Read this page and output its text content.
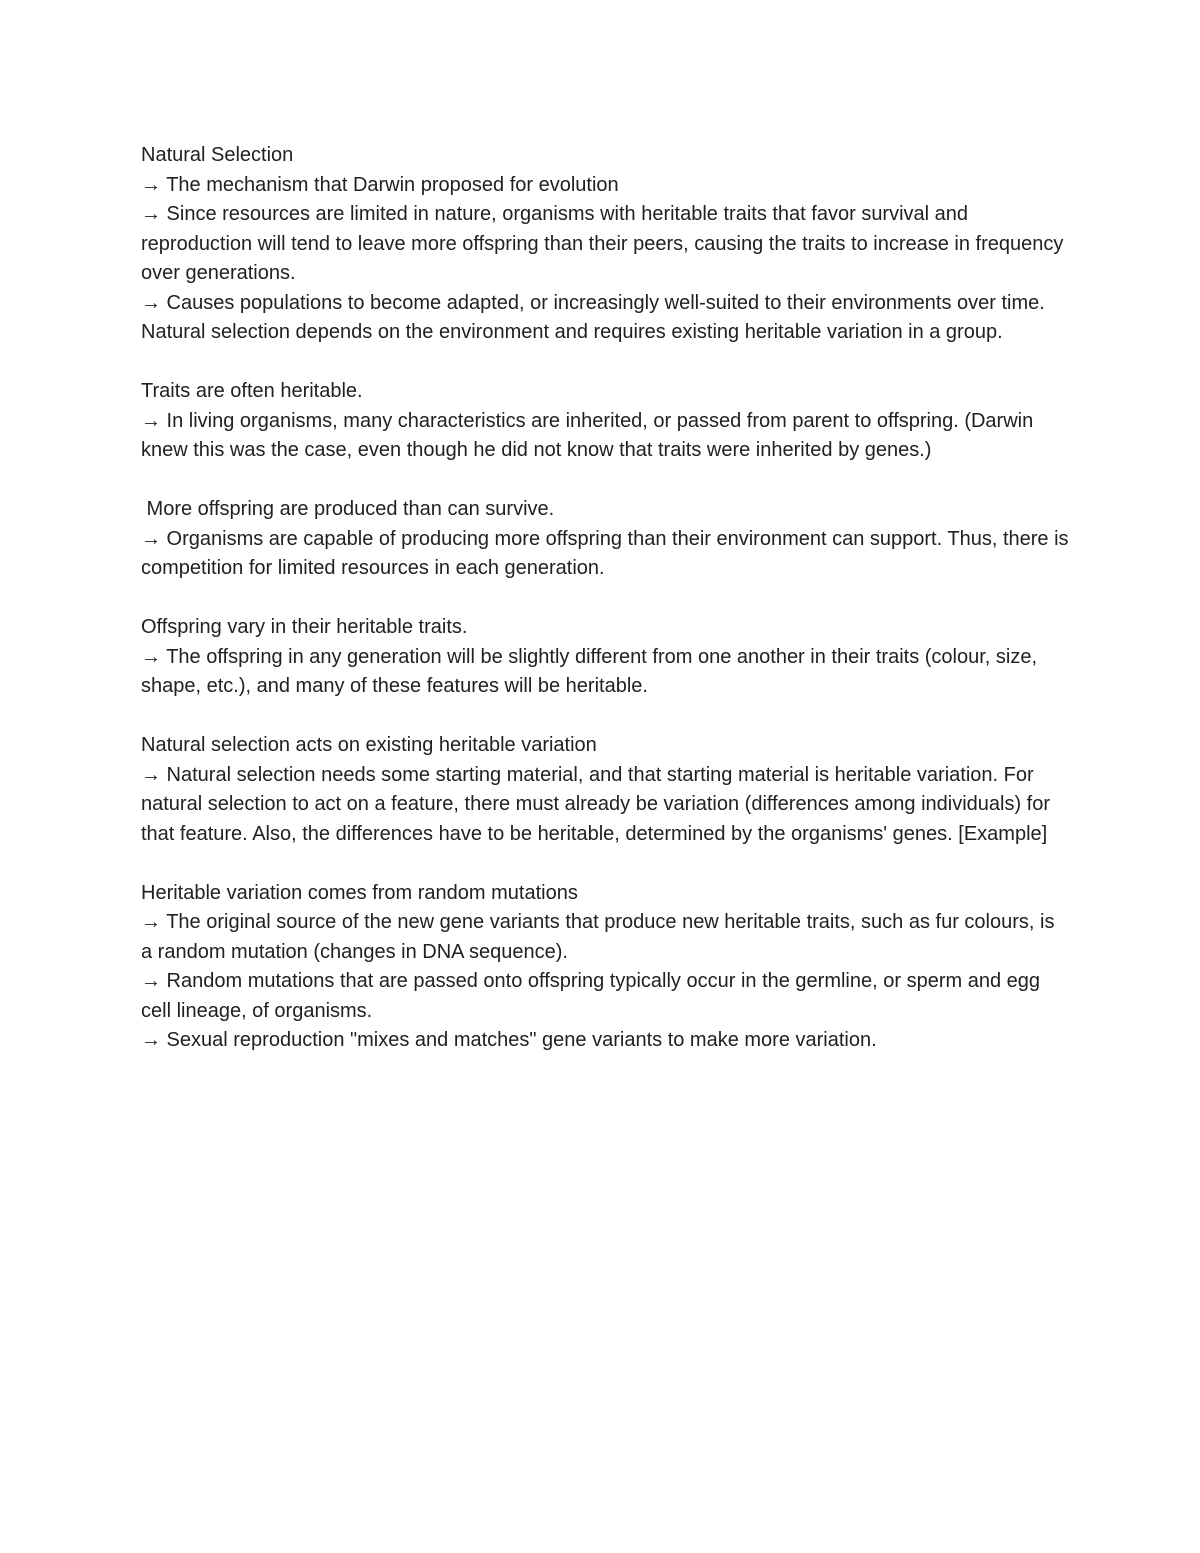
Natural Selection
→ The mechanism that Darwin proposed for evolution
→ Since resources are limited in nature, organisms with heritable traits that favor survival and reproduction will tend to leave more offspring than their peers, causing the traits to increase in frequency over generations.
→ Causes populations to become adapted, or increasingly well-suited to their environments over time. Natural selection depends on the environment and requires existing heritable variation in a group.
Traits are often heritable.
→ In living organisms, many characteristics are inherited, or passed from parent to offspring. (Darwin knew this was the case, even though he did not know that traits were inherited by genes.)
More offspring are produced than can survive.
→ Organisms are capable of producing more offspring than their environment can support. Thus, there is competition for limited resources in each generation.
Offspring vary in their heritable traits.
→ The offspring in any generation will be slightly different from one another in their traits (colour, size, shape, etc.), and many of these features will be heritable.
Natural selection acts on existing heritable variation
→ Natural selection needs some starting material, and that starting material is heritable variation. For natural selection to act on a feature, there must already be variation (differences among individuals) for that feature. Also, the differences have to be heritable, determined by the organisms' genes. [Example]
Heritable variation comes from random mutations
→ The original source of the new gene variants that produce new heritable traits, such as fur colours, is a random mutation (changes in DNA sequence).
→ Random mutations that are passed onto offspring typically occur in the germline, or sperm and egg cell lineage, of organisms.
→ Sexual reproduction "mixes and matches" gene variants to make more variation.
